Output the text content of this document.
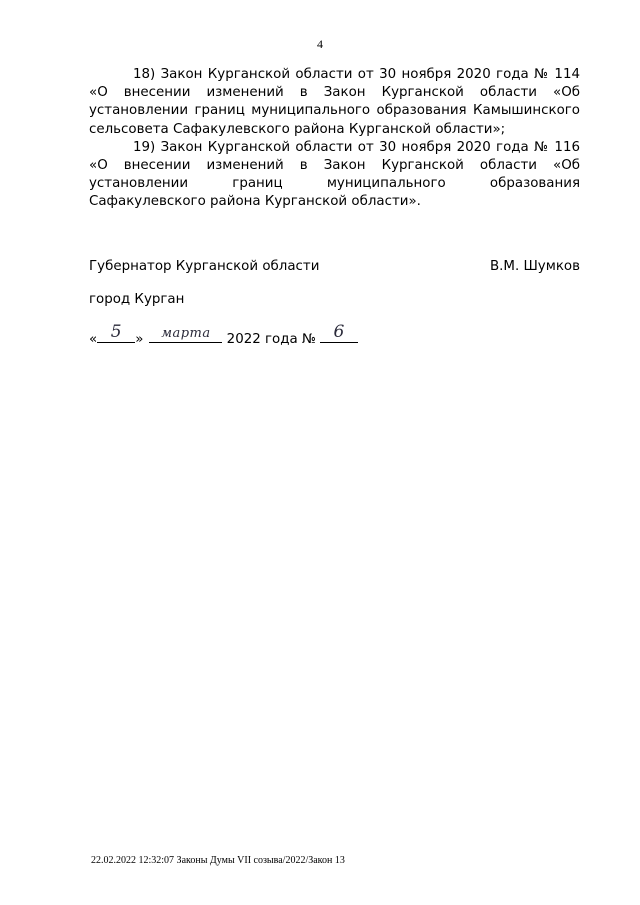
4

18) Закон Курганской области от 30 ноября 2020 года № 114 «О внесении изменений в Закон Курганской области «Об установлении границ муниципального образования Камышинского сельсовета Сафакулевского района Курганской области»;

19) Закон Курганской области от 30 ноября 2020 года № 116 «О внесении изменений в Закон Курганской области «Об установлении границ муниципального образования Сафакулевского района Курганской области».

Губернатор Курганской области	В.М. Шумков
город Курган
« 5	»	марта	2022 года №	6
22.02.2022 12:32:07 Законы Думы VII созыва/2022/Закон 13
